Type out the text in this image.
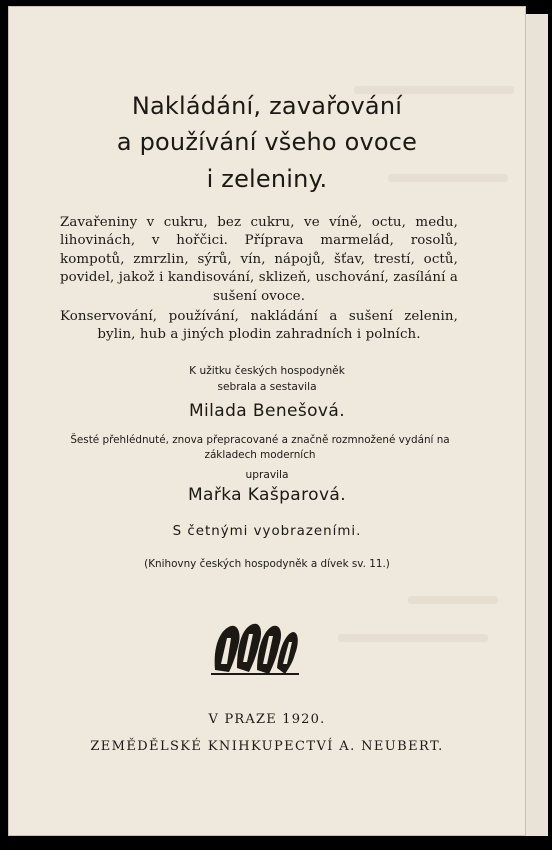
Nakládání, zavařování
a používání všeho ovoce
i zeleniny.

Zavařeniny v cukru, bez cukru, ve víně, octu, medu, lihovinách, v hořčici. Příprava marmelád, rosolů, kompotů, zmrzlin, sýrů, vín, nápojů, šťav, trestí, octů, povidel, jakož i kandisování, sklizeň, uschování, zasílání a sušení ovoce.

Konservování, používání, nakládání a sušení zelenin, bylin, hub a jiných plodin zahradních i polních.

K užitku českých hospodyněk

sebrala a sestavila

Milada Benešová.

Šesté přehlédnuté, znova přepracované a značně rozmnožené vydání na základech moderních

upravila

Mařka Kašparová.

S četnými vyobrazeními.

(Knihovny českých hospodyněk a dívek sv. 11.)

V PRAZE 1920.

ZEMĚDĚLSKÉ KNIHKUPECTVÍ A. NEUBERT.
